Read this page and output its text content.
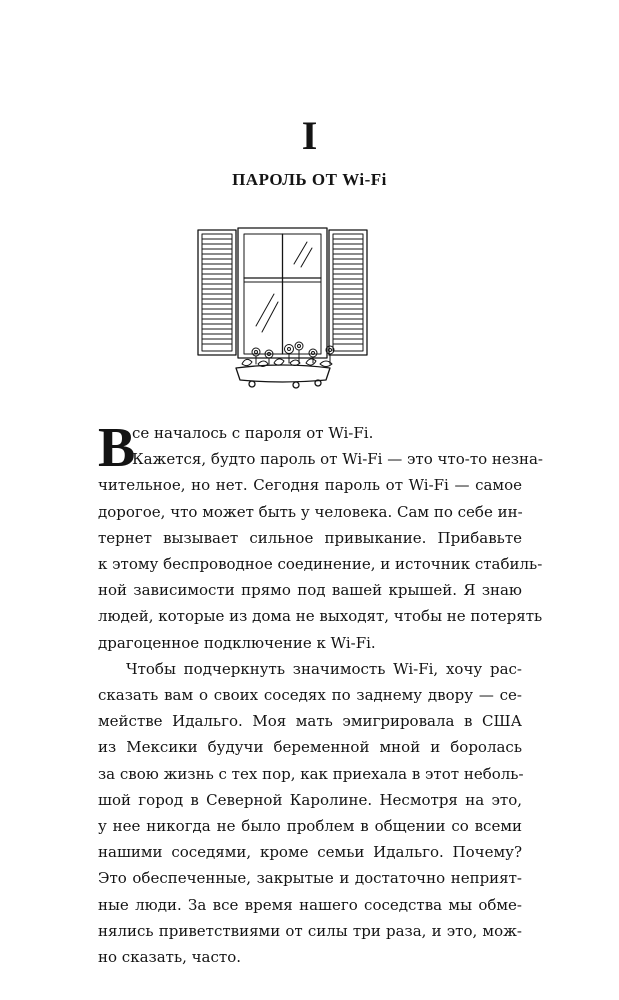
I
ПАРОЛЬ ОТ Wi-Fi
В
се началось с пароля от Wi-Fi.
Кажется, будто пароль от Wi-Fi — это что-то незна-
чительное, но нет. Сегодня пароль от Wi-Fi — самое
дорогое, что может быть у человека. Сам по себе ин-
тернет вызывает сильное привыкание. Прибавьте
к этому беспроводное соединение, и источник стабиль-
ной зависимости прямо под вашей крышей. Я знаю
людей, которые из дома не выходят, чтобы не потерять
драгоценное подключение к Wi-Fi.
Чтобы подчеркнуть значимость Wi-Fi, хочу рас-
сказать вам о своих соседях по заднему двору — се-
мействе Идальго. Моя мать эмигрировала в США
из Мексики будучи беременной мной и боролась
за свою жизнь с тех пор, как приехала в этот неболь-
шой город в Северной Каролине. Несмотря на это,
у нее никогда не было проблем в общении со всеми
нашими соседями, кроме семьи Идальго. Почему?
Это обеспеченные, закрытые и достаточно неприят-
ные люди. За все время нашего соседства мы обме-
нялись приветствиями от силы три раза, и это, мож-
но сказать, часто.
